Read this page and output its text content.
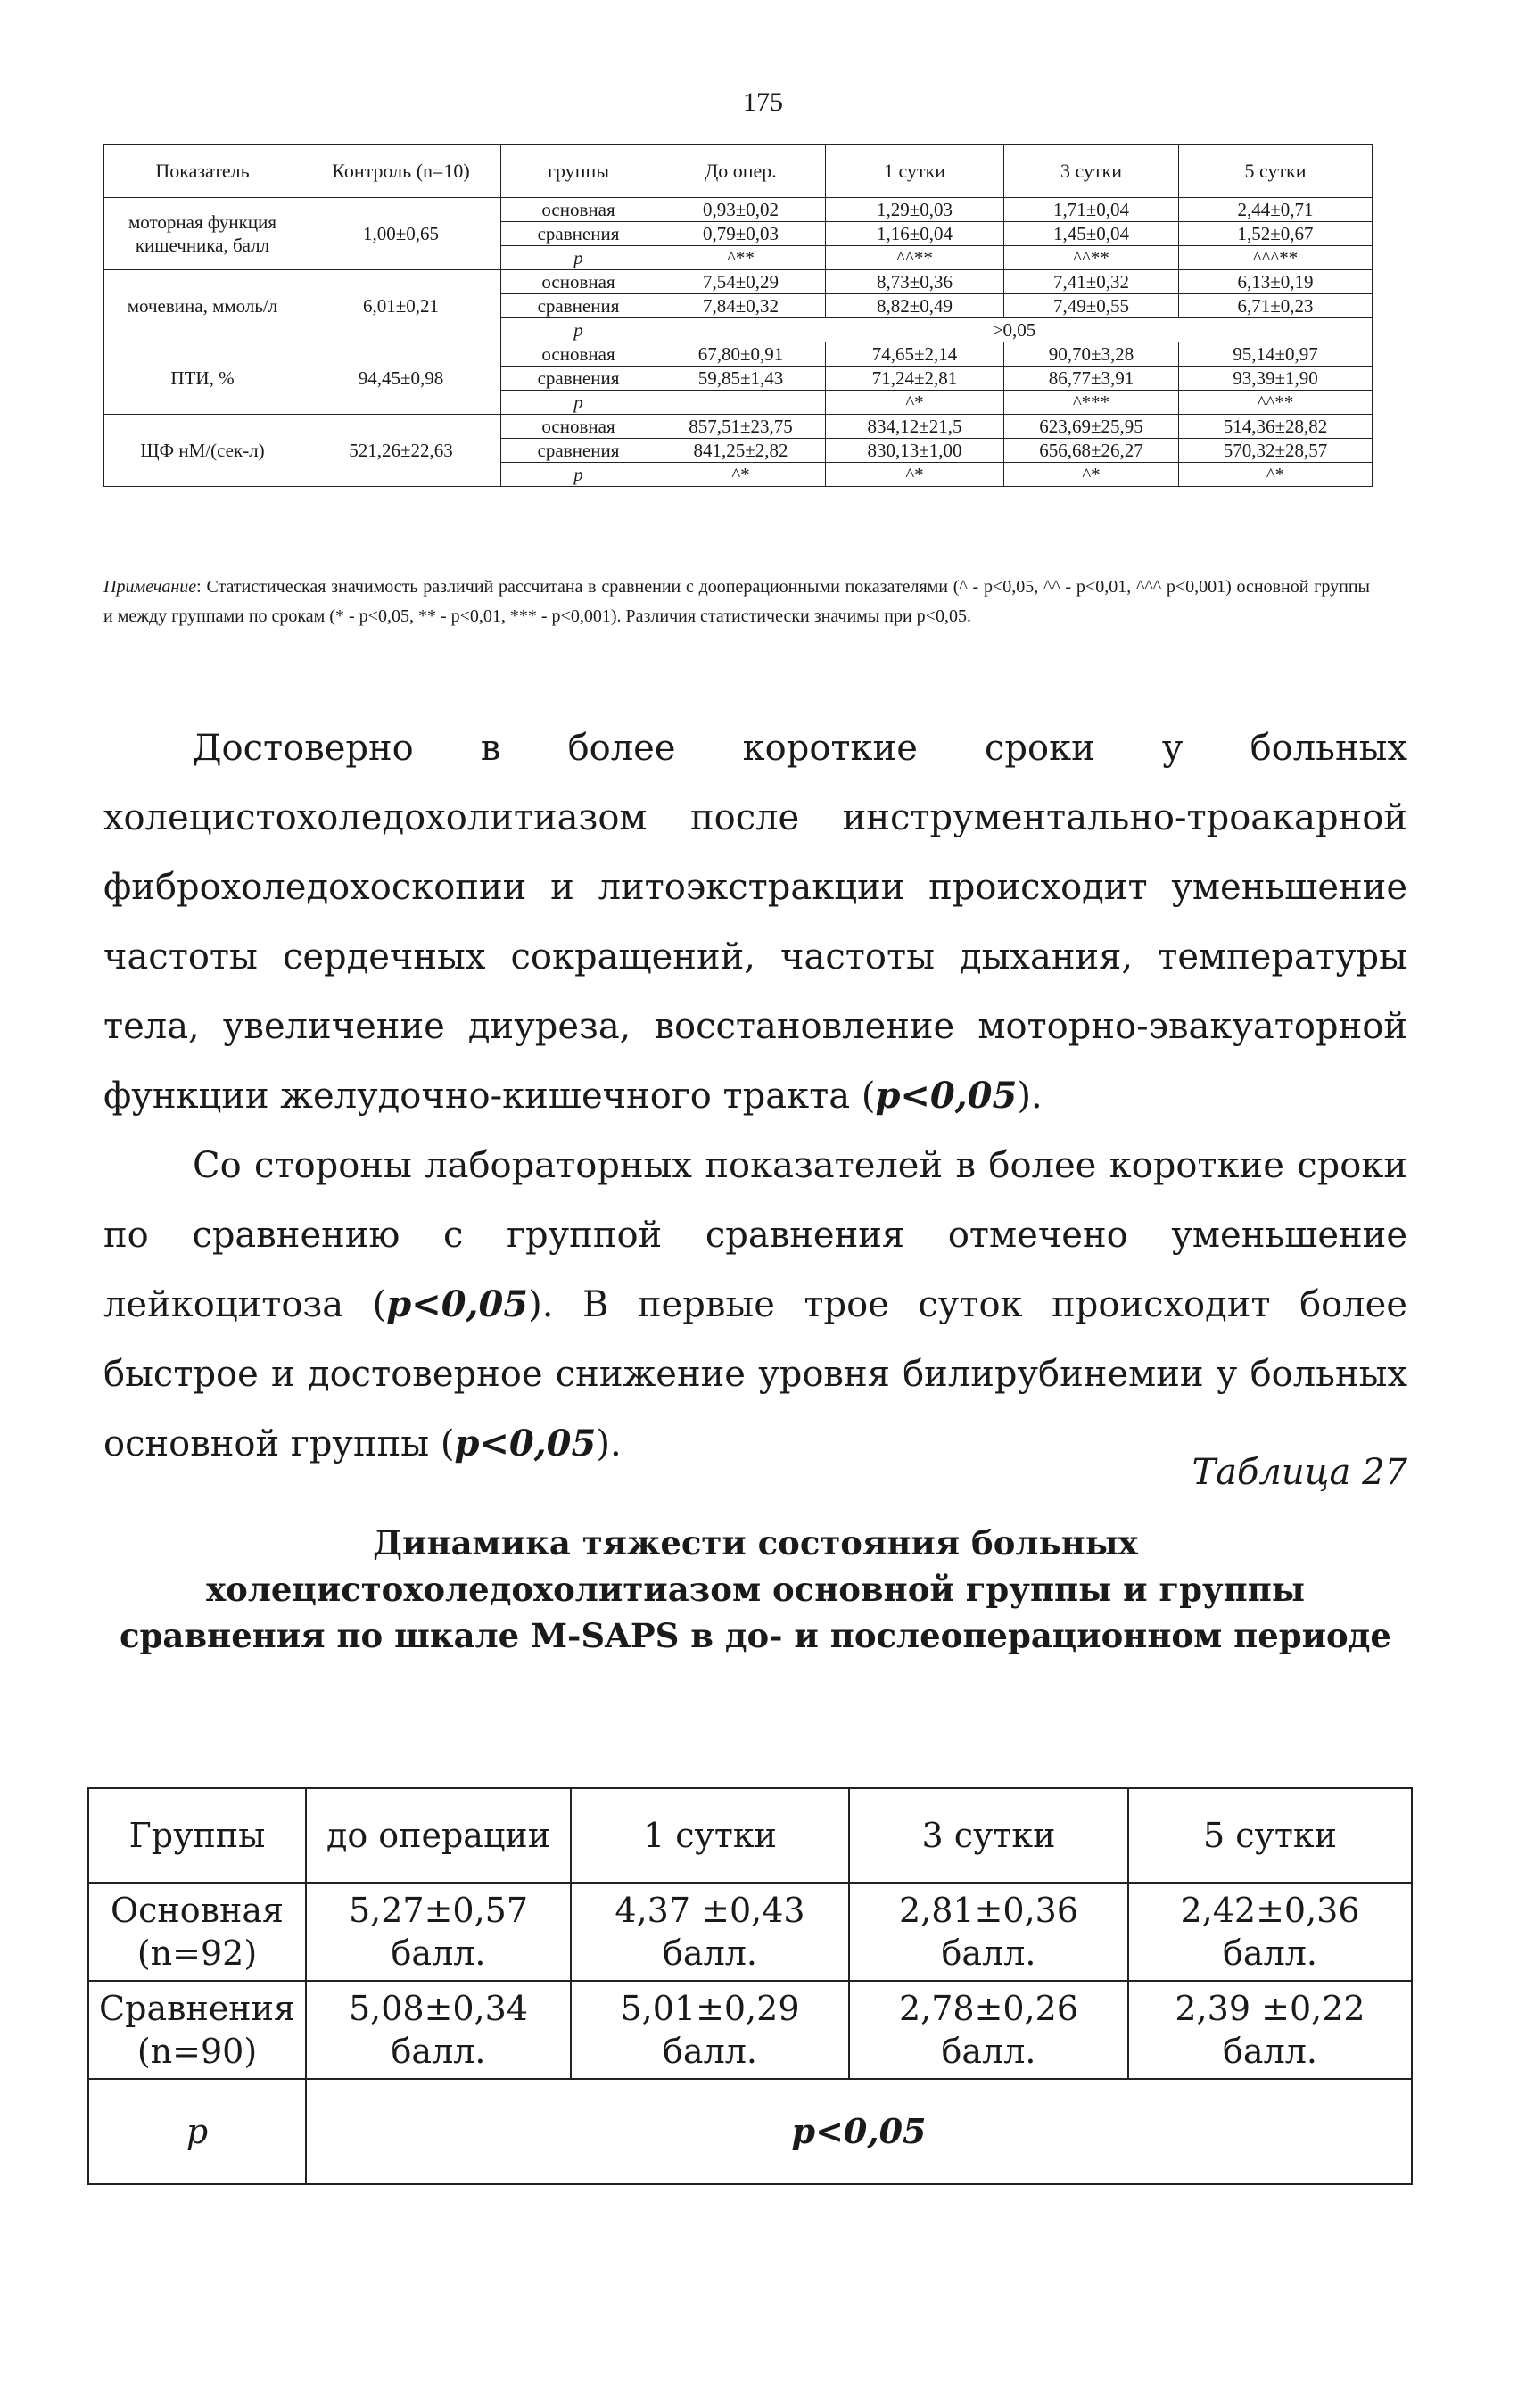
175
Показатель	Контроль (n=10)	группы	До опер.	1 сутки	3 сутки	5 сутки
моторная функция кишечника, балл	1,00±0,65	основная	0,93±0,02	1,29±0,03	1,71±0,04	2,44±0,71
		сравнения	0,79±0,03	1,16±0,04	1,45±0,04	1,52±0,67
		p	^**	^^**	^^**	^^^**
мочевина, ммоль/л	6,01±0,21	основная	7,54±0,29	8,73±0,36	7,41±0,32	6,13±0,19
		сравнения	7,84±0,32	8,82±0,49	7,49±0,55	6,71±0,23
		p	>0,05			
ПТИ, %	94,45±0,98	основная	67,80±0,91	74,65±2,14	90,70±3,28	95,14±0,97
		сравнения	59,85±1,43	71,24±2,81	86,77±3,91	93,39±1,90
		p		^*	^***	^^**
ЩФ нМ/(сек-л)	521,26±22,63	основная	857,51±23,75	834,12±21,5	623,69±25,95	514,36±28,82
		сравнения	841,25±2,82	830,13±1,00	656,68±26,27	570,32±28,57
		p	^*	^*	^*	^*
Примечание: Статистическая значимость различий рассчитана в сравнении с дооперационными показателями (^ - p<0,05, ^^ - p<0,01, ^^^ p<0,001) основной группы и между группами по срокам (* - p<0,05, ** - p<0,01, *** - p<0,001). Различия статистически значимы при p<0,05.

Достоверно в более короткие сроки у больных холецистохоледохолитиазом после инструментально-троакарной фиброхоледохоскопии и литоэкстракции происходит уменьшение частоты сердечных сокращений, частоты дыхания, температуры тела, увеличение диуреза, восстановление моторно-эвакуаторной функции желудочно-кишечного тракта (p<0,05).

Со стороны лабораторных показателей в более короткие сроки по сравнению с группой сравнения отмечено уменьшение лейкоцитоза (p<0,05). В первые трое суток происходит более быстрое и достоверное снижение уровня билирубинемии у больных основной группы (p<0,05).

Таблица 27
Динамика тяжести состояния больных холецистохоледохолитиазом основной группы и группы сравнения по шкале M-SAPS в до- и послеоперационном периоде
Группы	до операции	1 сутки	3 сутки	5 сутки
Основная (n=92)	5,27±0,57 балл.	4,37 ±0,43 балл.	2,81±0,36 балл.	2,42±0,36 балл.
Сравнения (n=90)	5,08±0,34 балл.	5,01±0,29 балл.	2,78±0,26 балл.	2,39 ±0,22 балл.
p	p<0,05			
